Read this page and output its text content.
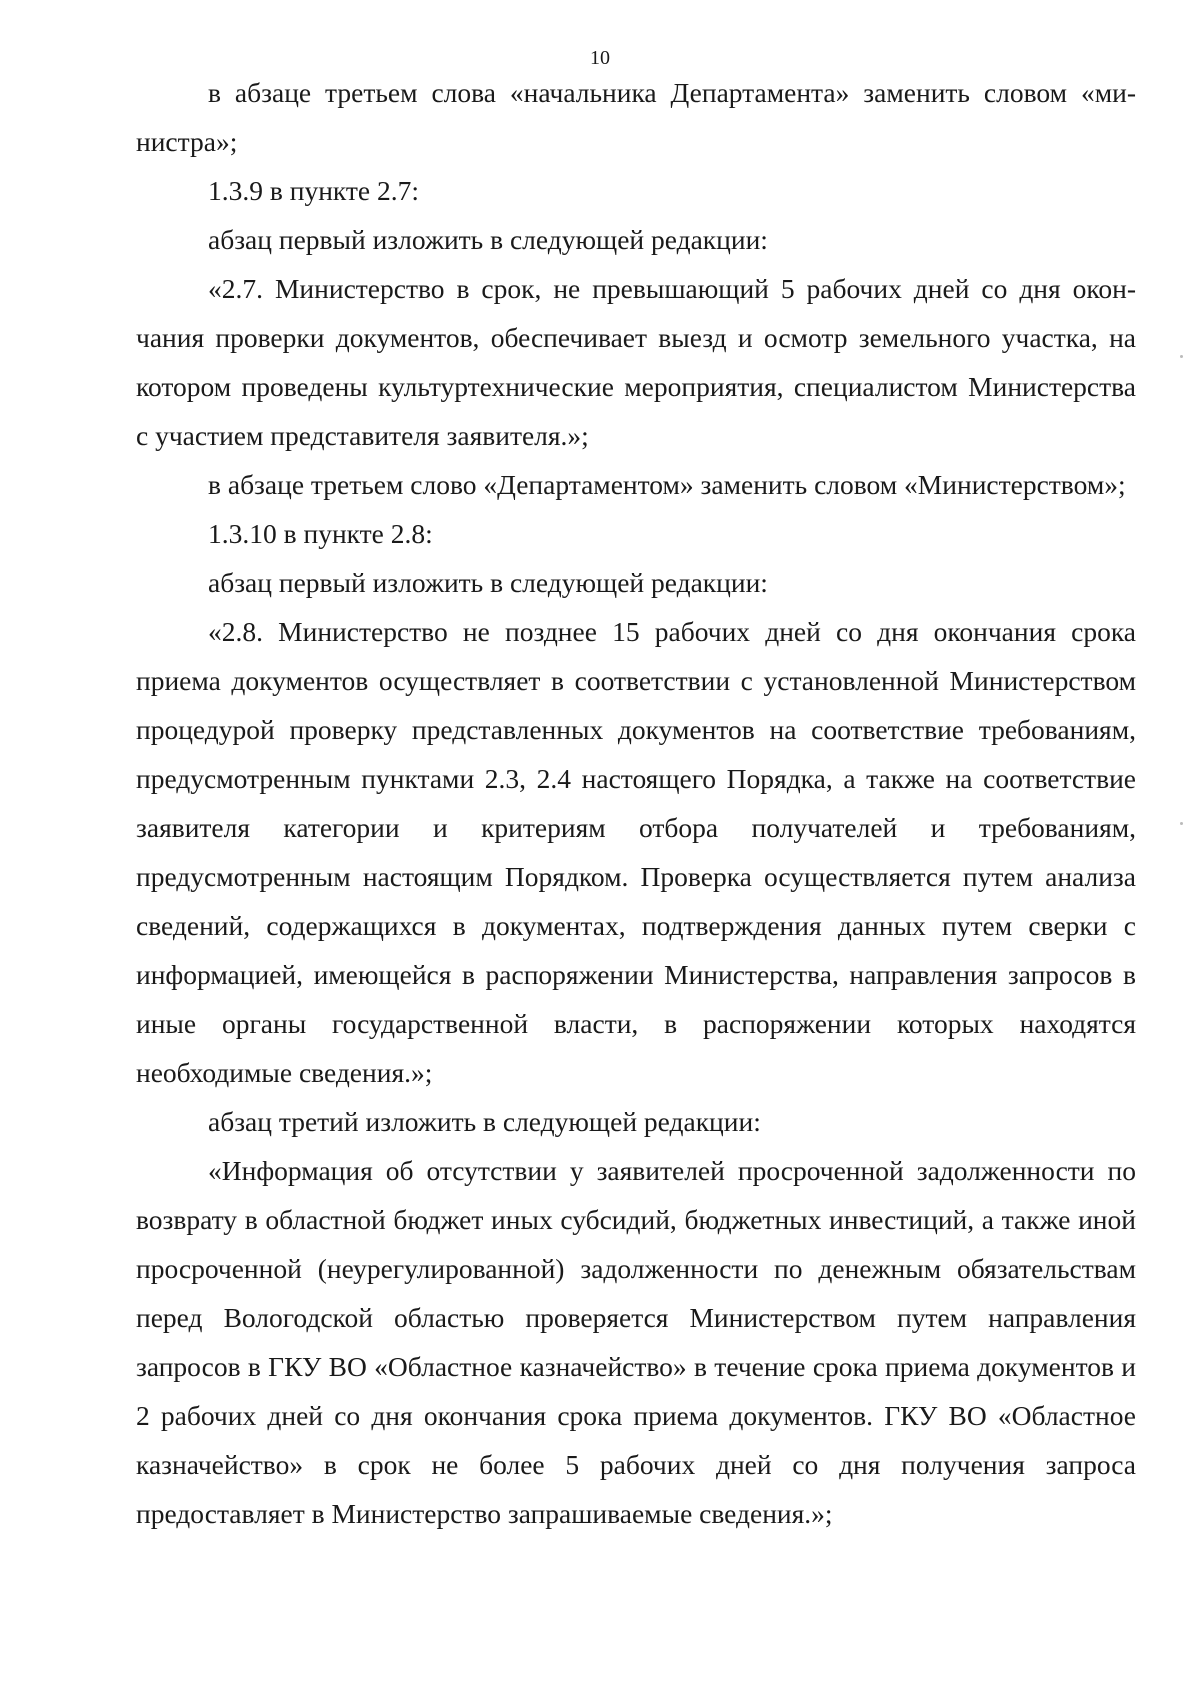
10

в абзаце третьем слова «начальника Департамента» заменить словом «министра»;

1.3.9 в пункте 2.7:

абзац первый изложить в следующей редакции:

«2.7. Министерство в срок, не превышающий 5 рабочих дней со дня окончания проверки документов, обеспечивает выезд и осмотр земельного участка, на котором проведены культуртехнические мероприятия, специалистом Министерства с участием представителя заявителя.»;

в абзаце третьем слово «Департаментом» заменить словом «Министерством»;

1.3.10 в пункте 2.8:

абзац первый изложить в следующей редакции:

«2.8. Министерство не позднее 15 рабочих дней со дня окончания срока приема документов осуществляет в соответствии с установленной Министерством процедурой проверку представленных документов на соответствие требованиям, предусмотренным пунктами 2.3, 2.4 настоящего Порядка, а также на соответствие заявителя категории и критериям отбора получателей и требованиям, предусмотренным настоящим Порядком. Проверка осуществляется путем анализа сведений, содержащихся в документах, подтверждения данных путем сверки с информацией, имеющейся в распоряжении Министерства, направления запросов в иные органы государственной власти, в распоряжении которых находятся необходимые сведения.»;

абзац третий изложить в следующей редакции:

«Информация об отсутствии у заявителей просроченной задолженности по возврату в областной бюджет иных субсидий, бюджетных инвестиций, а также иной просроченной (неурегулированной) задолженности по денежным обязательствам перед Вологодской областью проверяется Министерством путем направления запросов в ГКУ ВО «Областное казначейство» в течение срока приема документов и 2 рабочих дней со дня окончания срока приема документов. ГКУ ВО «Областное казначейство» в срок не более 5 рабочих дней со дня получения запроса предоставляет в Министерство запрашиваемые сведения.»;
